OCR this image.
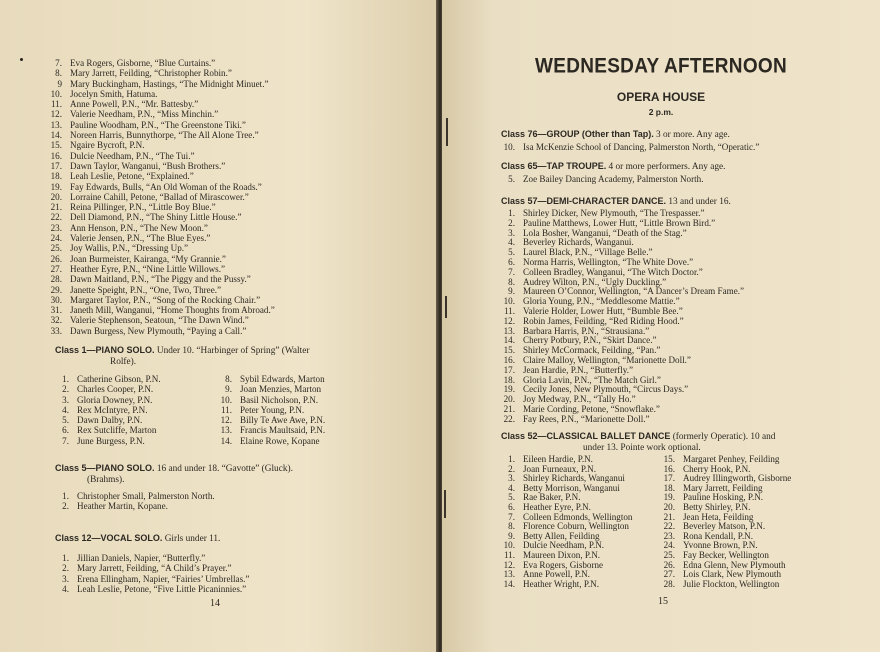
7. Eva Rogers, Gisborne, “Blue Curtains.”
8. Mary Jarrett, Feilding, “Christopher Robin.”
9 Mary Buckingham, Hastings, “The Midnight Minuet.”
10. Jocelyn Smith, Hatuma.
11. Anne Powell, P.N., “Mr. Battesby.”
12. Valerie Needham, P.N., “Miss Minchin.”
13. Pauline Woodham, P.N., “The Greenstone Tiki.”
14. Noreen Harris, Bunnythorpe, “The All Alone Tree.”
15. Ngaire Bycroft, P.N.
16. Dulcie Needham, P.N., “The Tui.”
17. Dawn Taylor, Wanganui, “Bush Brothers.”
18. Leah Leslie, Petone, “Explained.”
19. Fay Edwards, Bulls, “An Old Woman of the Roads.”
20. Lorraine Cahill, Petone, “Ballad of Mirascower.”
21. Reina Pillinger, P.N., “Little Boy Blue.”
22. Dell Diamond, P.N., “The Shiny Little House.”
23. Ann Henson, P.N., “The New Moon.”
24. Valerie Jensen, P.N., “The Blue Eyes.”
25. Joy Wallis, P.N., “Dressing Up.”
26. Joan Burmeister, Kairanga, “My Grannie.”
27. Heather Eyre, P.N., “Nine Little Willows.”
28. Dawn Maitland, P.N., “The Piggy and the Pussy.”
29. Janette Speight, P.N., “One, Two, Three.”
30. Margaret Taylor, P.N., “Song of the Rocking Chair.”
31. Janeth Mill, Wanganui, “Home Thoughts from Abroad.”
32. Valerie Stephenson, Seatoun, “The Dawn Wind.”
33. Dawn Burgess, New Plymouth, “Paying a Call.”
Class 1—PIANO SOLO. Under 10. “Harbinger of Spring” (Walter
Rolfe).
1. Catherine Gibson, P.N.
2. Charles Cooper, P.N.
3. Gloria Downey, P.N.
4. Rex McIntyre, P.N.
5. Dawn Dalby, P.N.
6. Rex Sutcliffe, Marton
7. June Burgess, P.N.
8. Sybil Edwards, Marton
9. Joan Menzies, Marton
10. Basil Nicholson, P.N.
11. Peter Young, P.N.
12. Billy Te Awe Awe, P.N.
13. Francis Maultsaid, P.N.
14. Elaine Rowe, Kopane
Class 5—PIANO SOLO. 16 and under 18. “Gavotte” (Gluck).
(Brahms).
1. Christopher Small, Palmerston North.
2. Heather Martin, Kopane.
Class 12—VOCAL SOLO. Girls under 11.
1. Jillian Daniels, Napier, “Butterfly.”
2. Mary Jarrett, Feilding, “A Child’s Prayer.”
3. Erena Ellingham, Napier, “Fairies’ Umbrellas.”
4. Leah Leslie, Petone, “Five Little Picaninnies.”
14
WEDNESDAY AFTERNOON
OPERA HOUSE
2 p.m.
Class 76—GROUP (Other than Tap). 3 or more. Any age.
10. Isa McKenzie School of Dancing, Palmerston North, “Operatic.”
Class 65—TAP TROUPE. 4 or more performers. Any age.
5. Zoe Bailey Dancing Academy, Palmerston North.
Class 57—DEMI-CHARACTER DANCE. 13 and under 16.
1. Shirley Dicker, New Plymouth, “The Trespasser.”
2. Pauline Matthews, Lower Hutt, “Little Brown Bird.”
3. Lola Bosher, Wanganui, “Death of the Stag.”
4. Beverley Richards, Wanganui.
5. Laurel Black, P.N., “Village Belle.”
6. Norma Harris, Wellington, “The White Dove.”
7. Colleen Bradley, Wanganui, “The Witch Doctor.”
8. Audrey Wilton, P.N., “Ugly Duckling.”
9. Maureen O’Connor, Wellington, “A Dancer’s Dream Fame.”
10. Gloria Young, P.N., “Meddlesome Mattie.”
11. Valerie Holder, Lower Hutt, “Bumble Bee.”
12. Robin James, Feilding, “Red Riding Hood.”
13. Barbara Harris, P.N., “Strausiana.”
14. Cherry Potbury, P.N., “Skirt Dance.”
15. Shirley McCormack, Feilding, “Pan.”
16. Claire Malloy, Wellington, “Marionette Doll.”
17. Jean Hardie, P.N., “Butterfly.”
18. Gloria Lavin, P.N., “The Match Girl.”
19. Cecily Jones, New Plymouth, “Circus Days.”
20. Joy Medway, P.N., “Tally Ho.”
21. Marie Cording, Petone, “Snowflake.”
22. Fay Rees, P.N., “Marionette Doll.”
Class 52—CLASSICAL BALLET DANCE (formerly Operatic). 10 and
under 13. Pointe work optional.
1. Eileen Hardie, P.N.
2. Joan Furneaux, P.N.
3. Shirley Richards, Wanganui
4. Betty Morrison, Wanganui
5. Rae Baker, P.N.
6. Heather Eyre, P.N.
7. Colleen Edmonds, Wellington
8. Florence Coburn, Wellington
9. Betty Allen, Feilding
10. Dulcie Needham, P.N.
11. Maureen Dixon, P.N.
12. Eva Rogers, Gisborne
13. Anne Powell, P.N.
14. Heather Wright, P.N.
15. Margaret Penhey, Feilding
16. Cherry Hook, P.N.
17. Audrey Illingworth, Gisborne
18. Mary Jarrett, Feilding
19. Pauline Hosking, P.N.
20. Betty Shirley, P.N.
21. Jean Heta, Feilding
22. Beverley Matson, P.N.
23. Rona Kendall, P.N.
24. Yvonne Brown, P.N.
25. Fay Becker, Wellington
26. Edna Glenn, New Plymouth
27. Lois Clark, New Plymouth
28. Julie Flockton, Wellington
15
